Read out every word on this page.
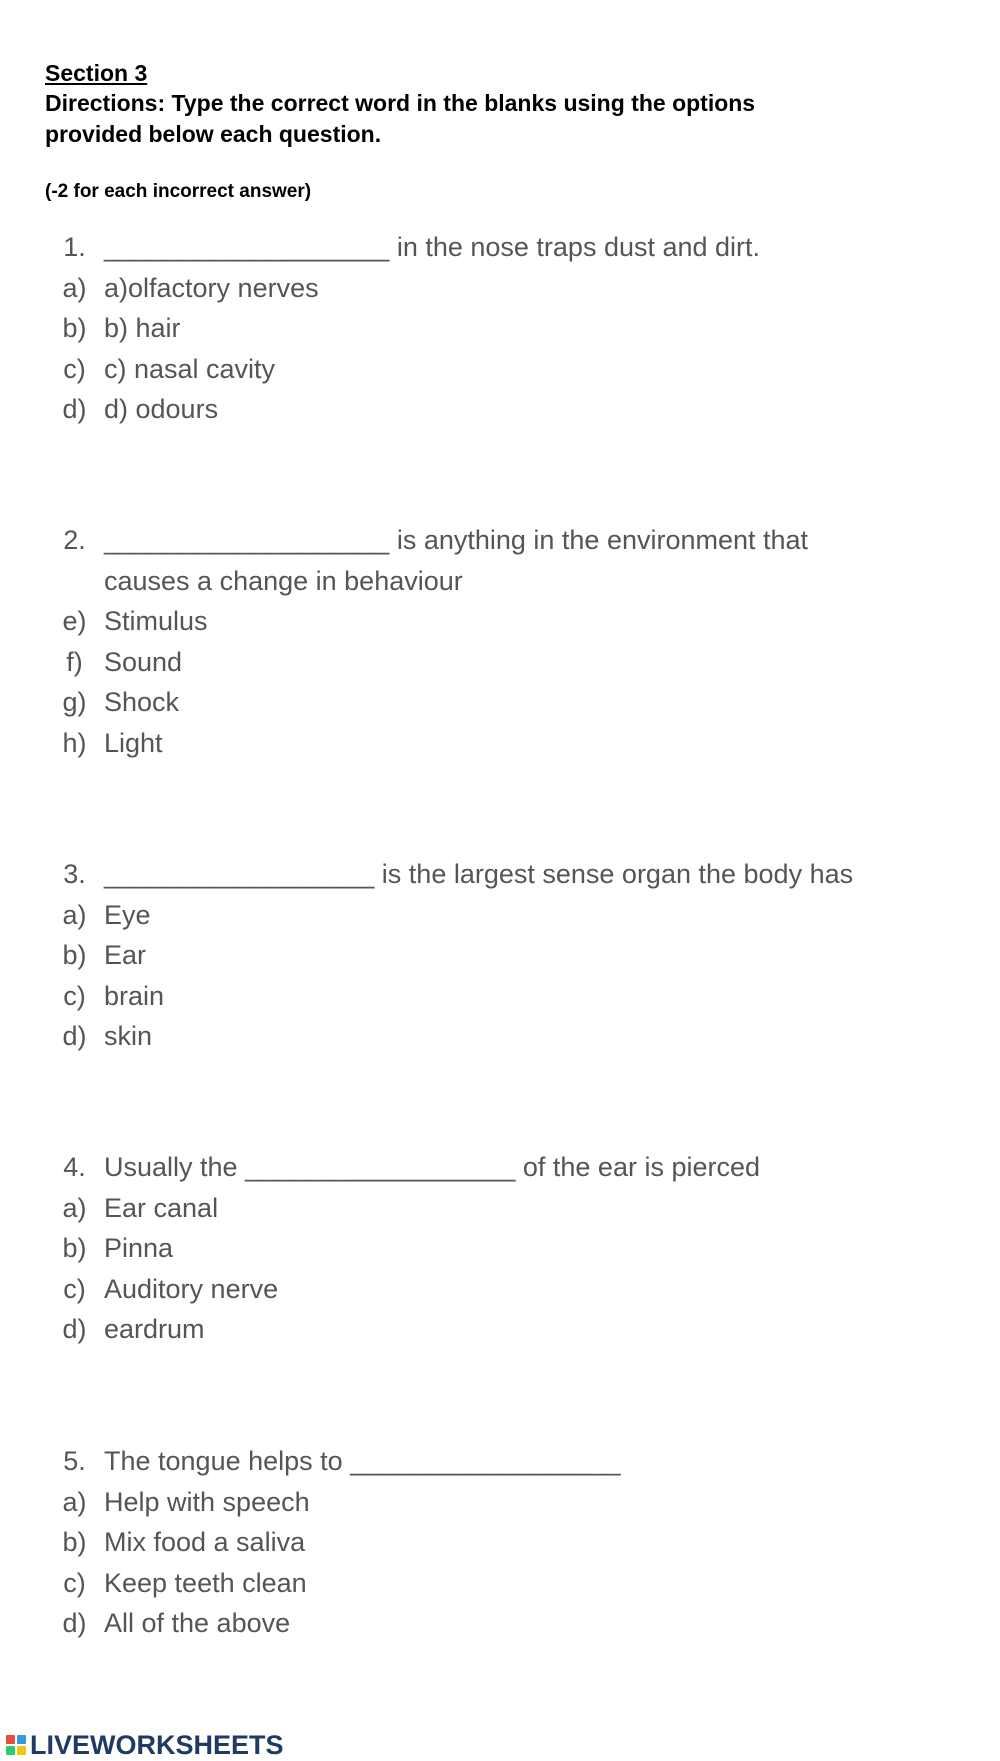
Section 3

Directions: Type the correct word in the blanks using the options

provided below each question.

(-2 for each incorrect answer)

1. ___________________ in the nose traps dust and dirt.
a) a)olfactory nerves
b) b) hair
c) c) nasal cavity
d) d) odours
2. ___________________ is anything in the environment that
causes a change in behaviour
e) Stimulus
f) Sound
g) Shock
h) Light
3. __________________ is the largest sense organ the body has
a) Eye
b) Ear
c) brain
d) skin
4. Usually the __________________ of the ear is pierced
a) Ear canal
b) Pinna
c) Auditory nerve
d) eardrum
5. The tongue helps to __________________
a) Help with speech
b) Mix food a saliva
c) Keep teeth clean
d) All of the above
LIVEWORKSHEETS
